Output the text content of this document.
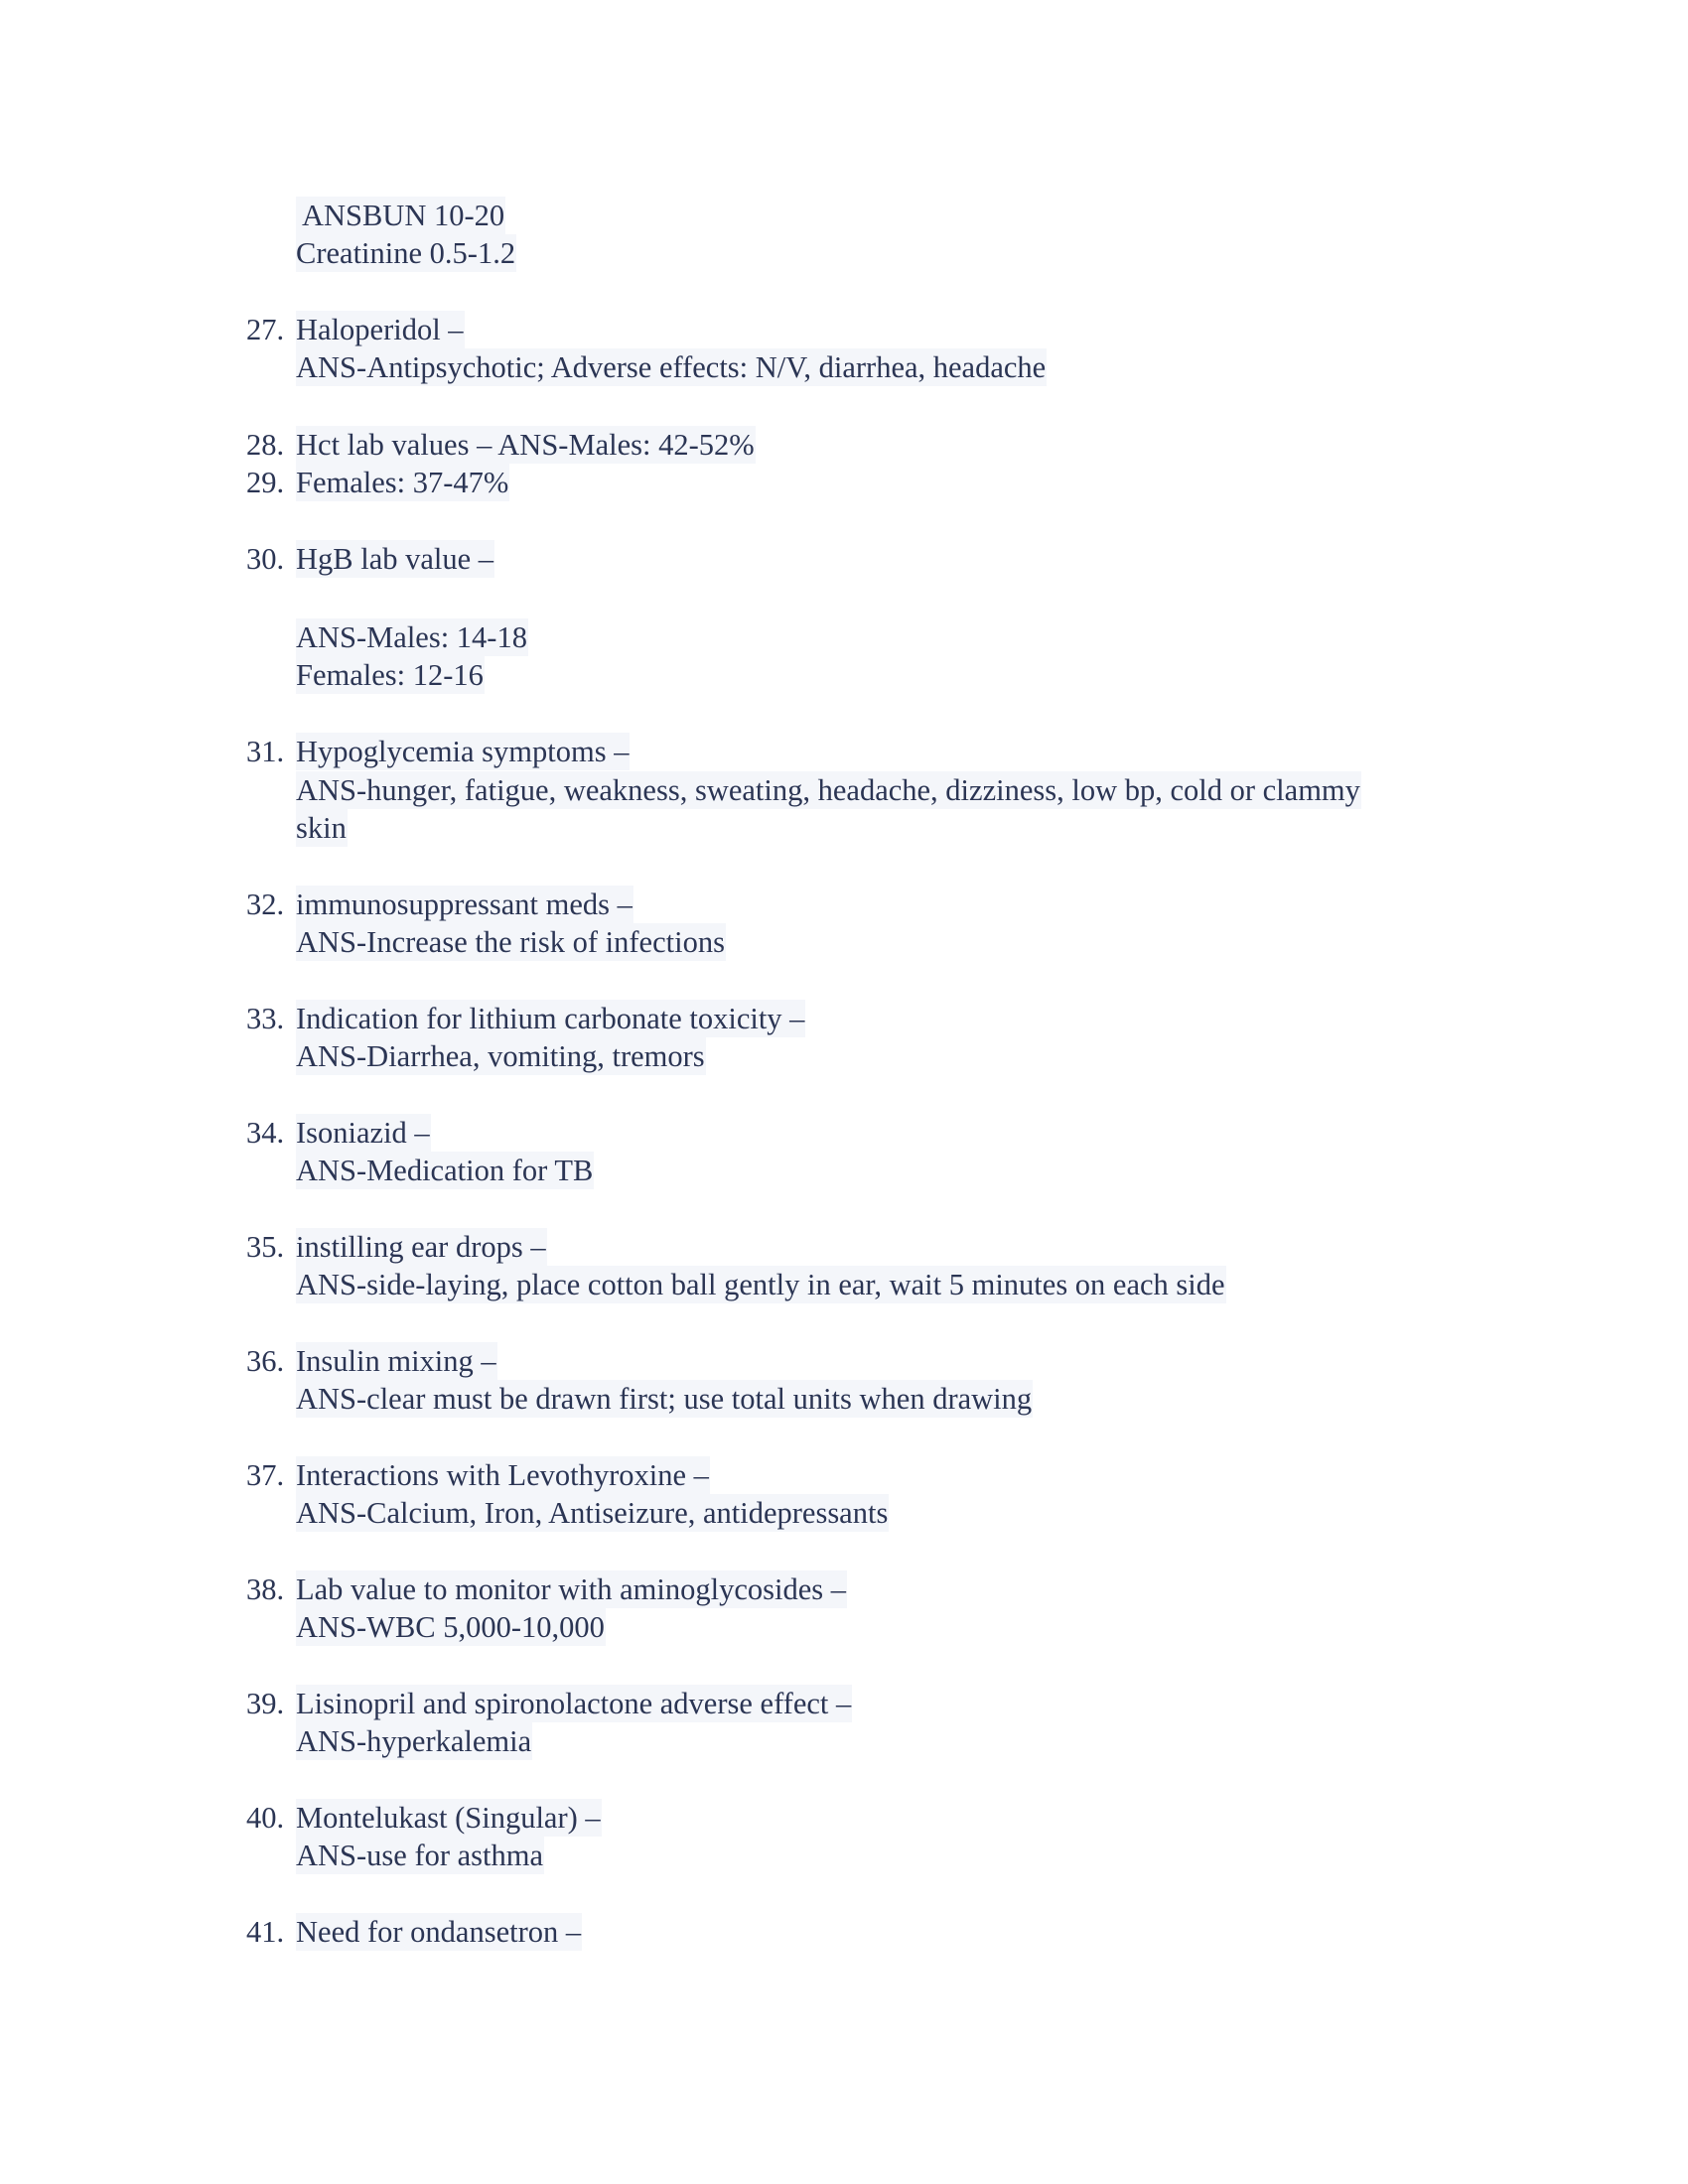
ANSBUN 10-20

Creatinine 0.5-1.2

27.

Haloperidol –

ANS-Antipsychotic; Adverse effects: N/V, diarrhea, headache

28.

Hct lab values – ANS-Males: 42-52%

29.

Females: 37-47%

30.

HgB lab value –

ANS-Males: 14-18

Females: 12-16

31.

Hypoglycemia symptoms –

ANS-hunger, fatigue, weakness, sweating, headache, dizziness, low bp, cold or clammy

skin

32.

immunosuppressant meds –

ANS-Increase the risk of infections

33.

Indication for lithium carbonate toxicity –

ANS-Diarrhea, vomiting, tremors

34.

Isoniazid –

ANS-Medication for TB

35.

instilling ear drops –

ANS-side-laying, place cotton ball gently in ear, wait 5 minutes on each side

36.

Insulin mixing –

ANS-clear must be drawn first; use total units when drawing

37.

Interactions with Levothyroxine –

ANS-Calcium, Iron, Antiseizure, antidepressants

38.

Lab value to monitor with aminoglycosides –

ANS-WBC 5,000-10,000

39.

Lisinopril and spironolactone adverse effect –

ANS-hyperkalemia

40.

Montelukast (Singular) –

ANS-use for asthma

41.

Need for ondansetron –
